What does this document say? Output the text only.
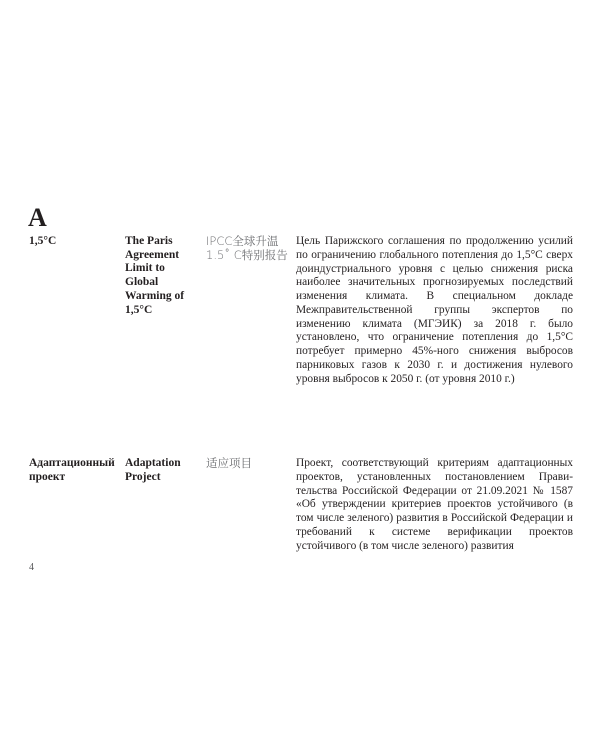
A
1,5°C	The Paris Agreement Limit to Global Warming of 1,5°C
IPCC全球升温
1.5˚ C特别报告
Цель Парижского соглашения по продолжению усилий по ограничению глобального потепления до 1,5°C сверх доиндустриального уровня с целью снижения риска наиболее значительных прогнозируемых последствий изменения климата. В специальном докладе Межправительственной группы экспертов по изменению климата (МГЭИК) за 2018 г. было установлено, что ограничение потепления до 1,5°C потребует примерно 45%-ного снижения выбросов парниковых газов к 2030 г. и достижения нулевого уровня выбросов к 2050 г. (от уровня 2010 г.)
Адаптационный проект
Adaptation Project
适应项目	Проект, соответствующий критериям адаптационных проектов, установленных постановлением Правительства Российской Федерации от 21.09.2021 № 1587 «Об утверждении критериев проектов устойчивого (в том числе зеленого) развития в Российской Федерации и требований к системе верификации проектов устойчивого (в том числе зеленого) развития
4
